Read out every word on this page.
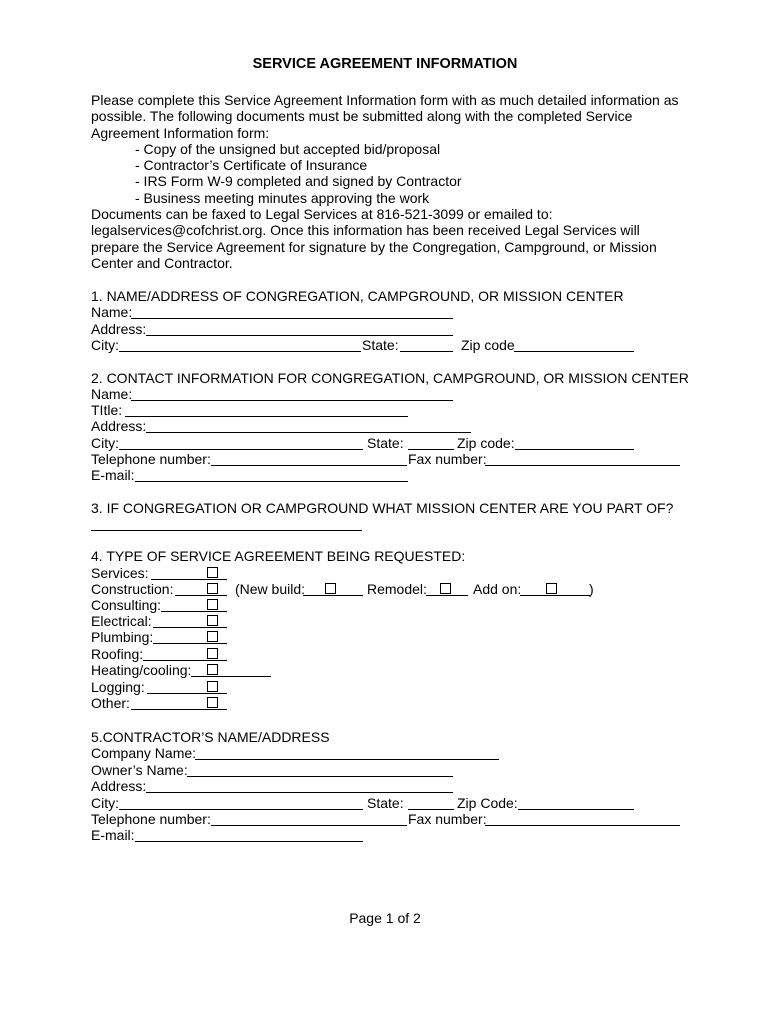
SERVICE AGREEMENT INFORMATION
Please complete this Service Agreement Information form with as much detailed information as
possible. The following documents must be submitted along with the completed Service
Agreement Information form:
- Copy of the unsigned but accepted bid/proposal
- Contractor’s Certificate of Insurance
- IRS Form W-9 completed and signed by Contractor
- Business meeting minutes approving the work
Documents can be faxed to Legal Services at 816-521-3099 or emailed to:
legalservices@cofchrist.org. Once this information has been received Legal Services will
prepare the Service Agreement for signature by the Congregation, Campground, or Mission
Center and Contractor.
1. NAME/ADDRESS OF CONGREGATION, CAMPGROUND, OR MISSION CENTER
Name:
Address:
City:	State:	Zip code
2. CONTACT INFORMATION FOR CONGREGATION, CAMPGROUND, OR MISSION CENTER
Name:
TItle:
Address:
City:	State:	Zip code:
Telephone number:	Fax number:
E-mail:
3. IF CONGREGATION OR CAMPGROUND WHAT MISSION CENTER ARE YOU PART OF?
4. TYPE OF SERVICE AGREEMENT BEING REQUESTED:
Services:
Construction:	(New build:	Remodel:	Add on:	)
Consulting:
Electrical:
Plumbing:
Roofing:
Heating/cooling:
Logging:
Other:
5.CONTRACTOR’S NAME/ADDRESS
Company Name:
Owner’s Name:
Address:
City:	State:	Zip Code:
Telephone number:	Fax number:
E-mail:
Page 1 of 2
